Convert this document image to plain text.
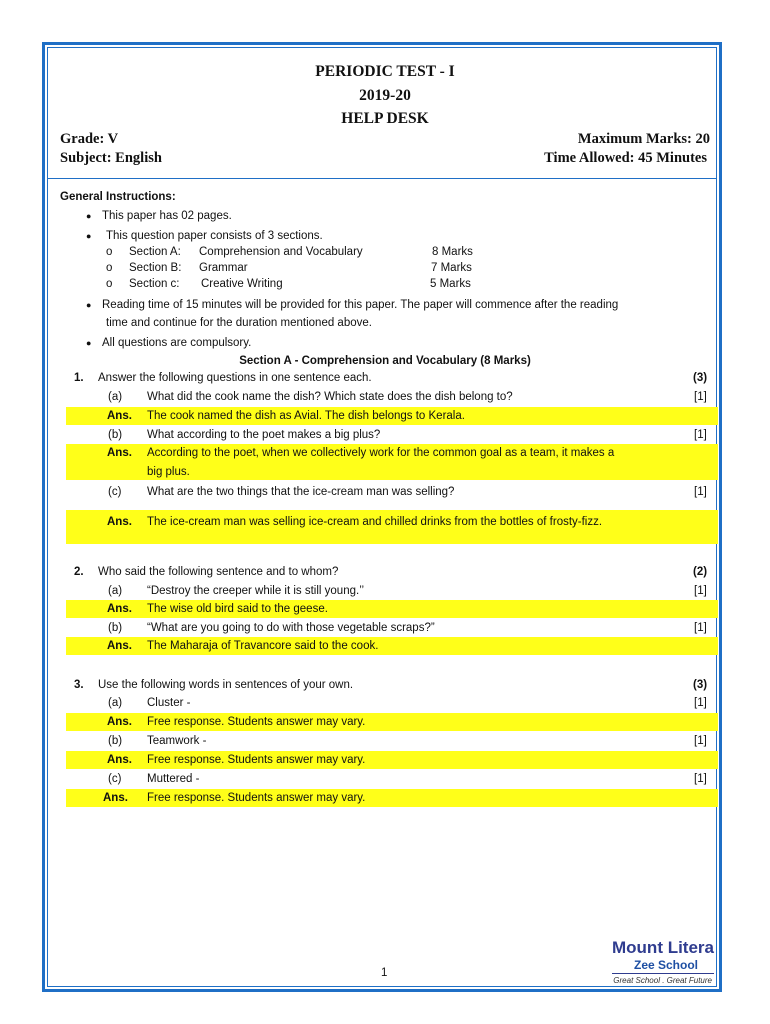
PERIODIC TEST - I
2019-20
HELP DESK
Grade: V
Subject: English
Maximum Marks: 20
Time Allowed: 45 Minutes
General Instructions:
● This paper has 02 pages.
● This question paper consists of 3 sections.
o Section A: Comprehension and Vocabulary	8 Marks
o Section B: Grammar	7 Marks
o Section c: Creative Writing	5 Marks
● Reading time of 15 minutes will be provided for this paper. The paper will commence after the reading
time and continue for the duration mentioned above.
● All questions are compulsory.
Section A - Comprehension and Vocabulary (8 Marks)
1. Answer the following questions in one sentence each.	(3)
(a) What did the cook name the dish? Which state does the dish belong to?	[1]
Ans. The cook named the dish as Avial. The dish belongs to Kerala.
(b) What according to the poet makes a big plus?	[1]
Ans. According to the poet, when we collectively work for the common goal as a team, it makes a
big plus.
(c) What are the two things that the ice-cream man was selling?	[1]
Ans. The ice-cream man was selling ice-cream and chilled drinks from the bottles of frosty-fizz.
2. Who said the following sentence and to whom?	(2)
(a) “Destroy the creeper while it is still young.’’	[1]
Ans. The wise old bird said to the geese.
(b) “What are you going to do with those vegetable scraps?”	[1]
Ans. The Maharaja of Travancore said to the cook.
3. Use the following words in sentences of your own.	(3)
(a) Cluster -	[1]
Ans. Free response. Students answer may vary.
(b) Teamwork -	[1]
Ans. Free response. Students answer may vary.
(c) Muttered -	[1]
Ans. Free response. Students answer may vary.
1
Mount Litera
Zee School
Great School . Great Future
